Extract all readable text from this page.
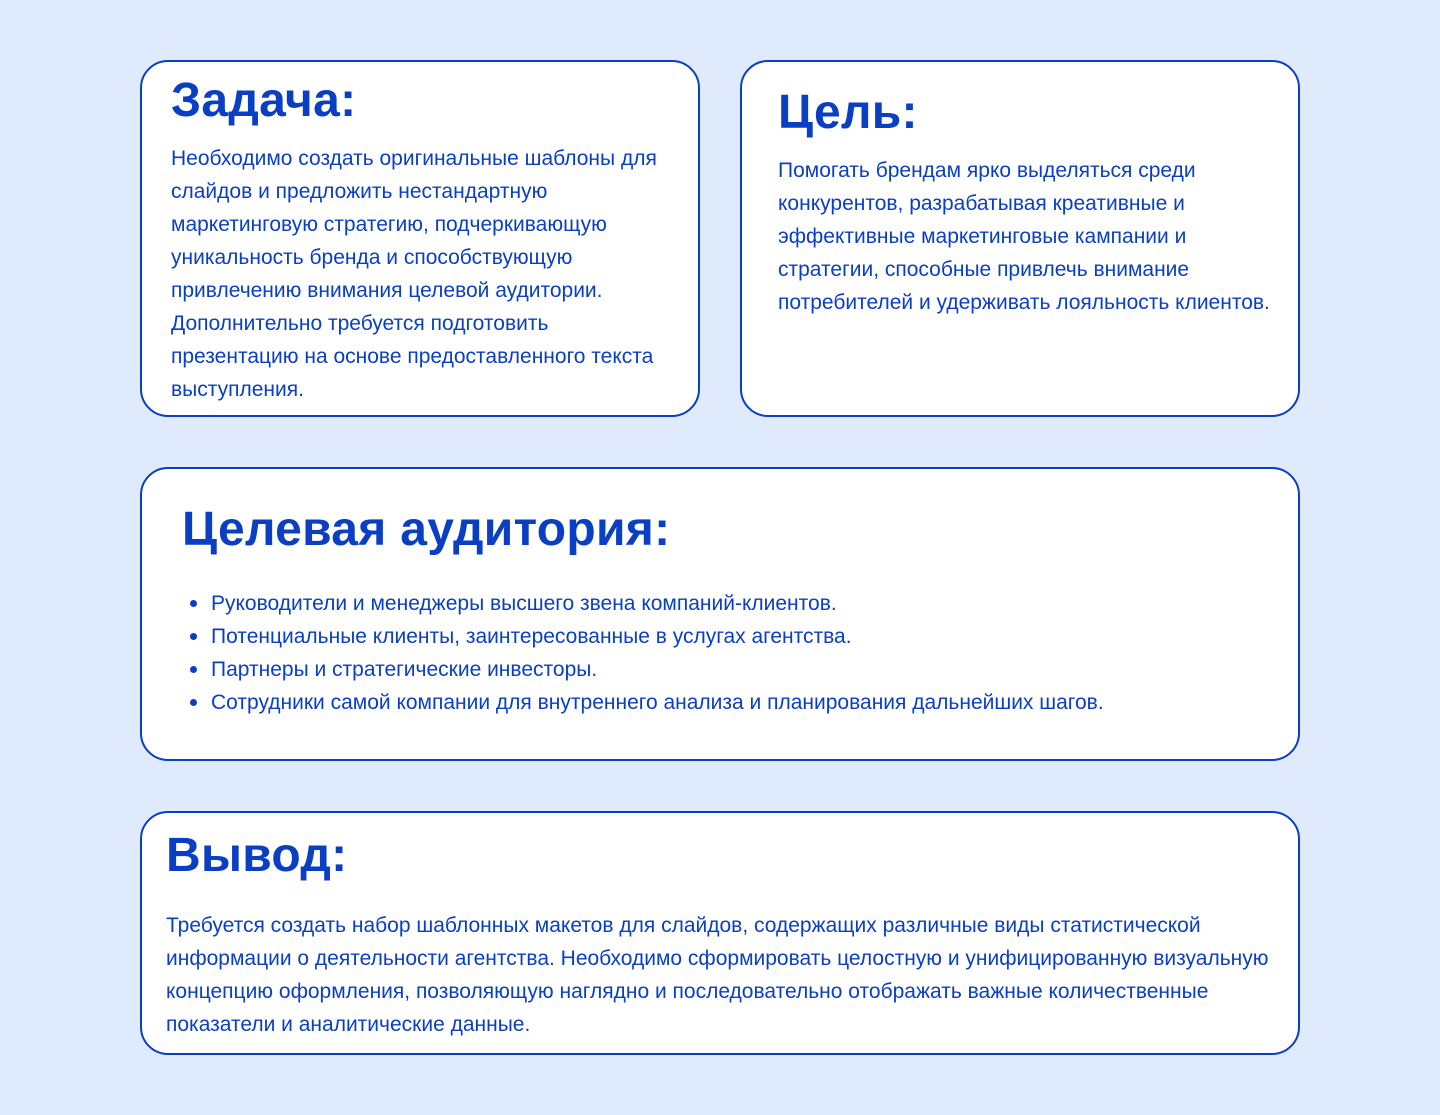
Задача:

Необходимо создать оригинальные шаблоны для слайдов и предложить нестандартную маркетинговую стратегию, подчеркивающую уникальность бренда и способствующую привлечению внимания целевой аудитории. Дополнительно требуется подготовить презентацию на основе предоставленного текста выступления.

Цель:

Помогать брендам ярко выделяться среди конкурентов, разрабатывая креативные и эффективные маркетинговые кампании и стратегии, способные привлечь внимание потребителей и удерживать лояльность клиентов.

Целевая аудитория:
Руководители и менеджеры высшего звена компаний-клиентов.
Потенциальные клиенты, заинтересованные в услугах агентства.
Партнеры и стратегические инвесторы.
Сотрудники самой компании для внутреннего анализа и планирования дальнейших шагов.
Вывод:

Требуется создать набор шаблонных макетов для слайдов, содержащих различные виды статистической информации о деятельности агентства. Необходимо сформировать целостную и унифицированную визуальную концепцию оформления, позволяющую наглядно и последовательно отображать важные количественные показатели и аналитические данные.
